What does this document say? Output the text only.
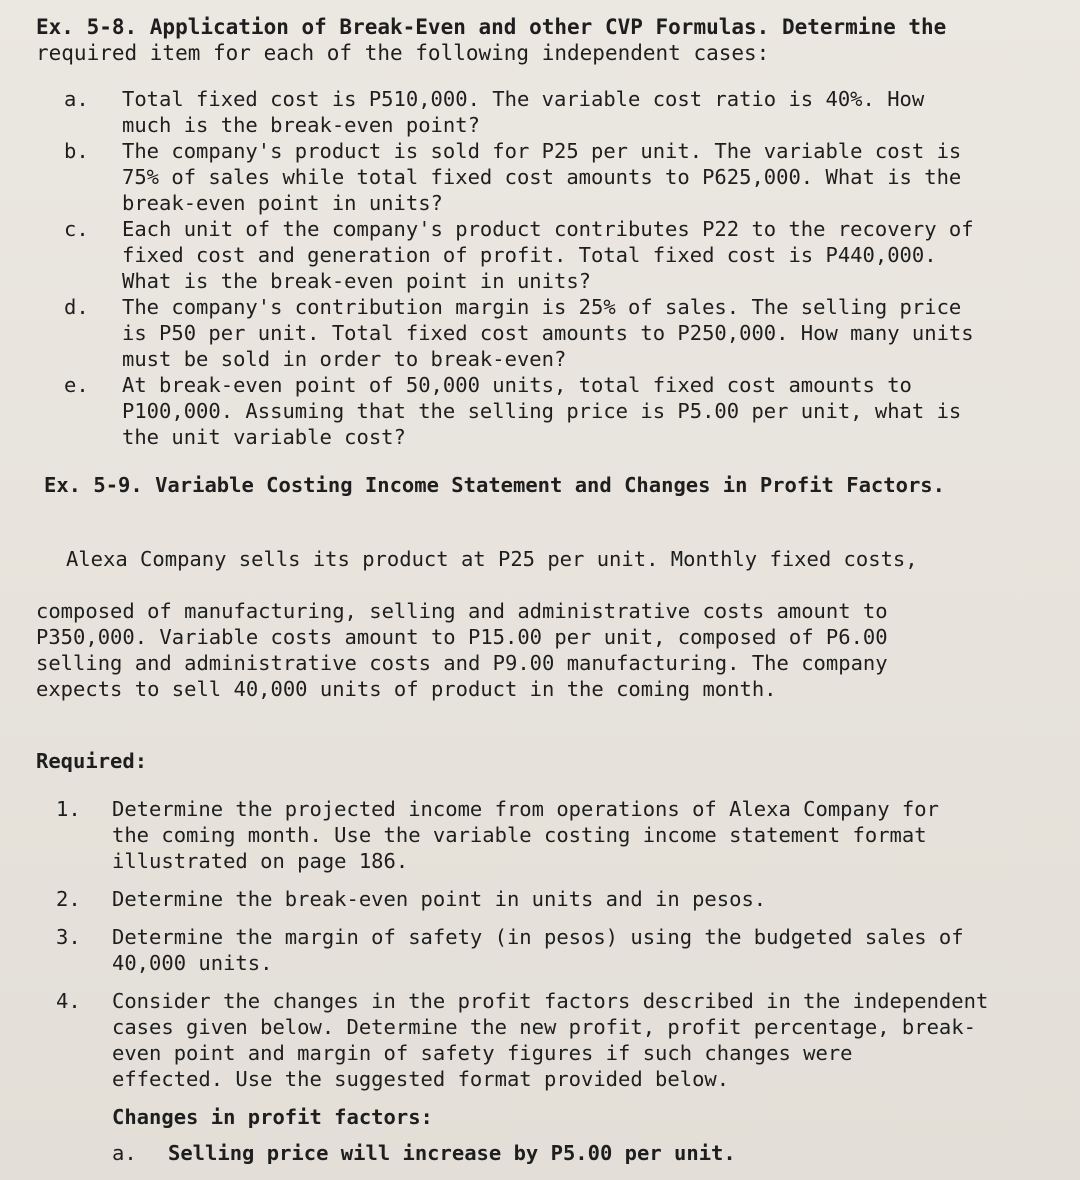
Ex. 5-8. Application of Break-Even and other CVP Formulas. Determine the

required item for each of the following independent cases:

a.	Total fixed cost is P510,000. The variable cost ratio is 40%. How
much is the break-even point?
b.	The company's product is sold for P25 per unit. The variable cost is
75% of sales while total fixed cost amounts to P625,000. What is the
break-even point in units?
c.	Each unit of the company's product contributes P22 to the recovery of
fixed cost and generation of profit. Total fixed cost is P440,000.
What is the break-even point in units?
d.	The company's contribution margin is 25% of sales. The selling price
is P50 per unit. Total fixed cost amounts to P250,000. How many units
must be sold in order to break-even?
e.	At break-even point of 50,000 units, total fixed cost amounts to
P100,000. Assuming that the selling price is P5.00 per unit, what is
the unit variable cost?

Ex. 5-9. Variable Costing Income Statement and Changes in Profit Factors.

Alexa Company sells its product at P25 per unit. Monthly fixed costs,

composed of manufacturing, selling and administrative costs amount to
P350,000. Variable costs amount to P15.00 per unit, composed of P6.00
selling and administrative costs and P9.00 manufacturing. The company
expects to sell 40,000 units of product in the coming month.

Required:

1.	Determine the projected income from operations of Alexa Company for
the coming month. Use the variable costing income statement format
illustrated on page 186.
2.	Determine the break-even point in units and in pesos.
3.	Determine the margin of safety (in pesos) using the budgeted sales of
40,000 units.
4.	Consider the changes in the profit factors described in the independent
cases given below. Determine the new profit, profit percentage, break-
even point and margin of safety figures if such changes were
effected. Use the suggested format provided below.

Changes in profit factors:

a.	Selling price will increase by P5.00 per unit.
